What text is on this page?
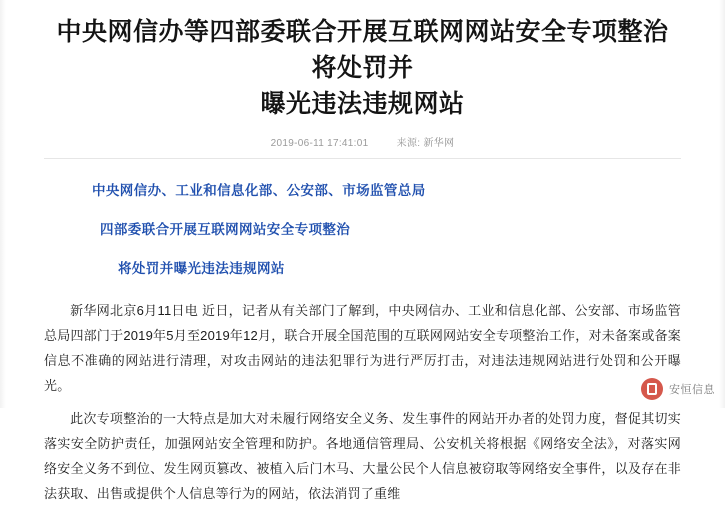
中央网信办等四部委联合开展互联网网站安全专项整治 将处罚并
曝光违法违规网站
2019-06-11 17:41:01	来源: 新华网
中央网信办、工业和信息化部、公安部、市场监管总局
四部委联合开展互联网网站安全专项整治
将处罚并曝光违法违规网站

新华网北京6月11日电 近日，记者从有关部门了解到，中央网信办、工业和信息化部、公安部、市场监管总局四部门于2019年5月至2019年12月，联合开展全国范围的互联网网站安全专项整治工作，对未备案或备案信息不准确的网站进行清理，对攻击网站的违法犯罪行为进行严厉打击，对违法违规网站进行处罚和公开曝光。

此次专项整治的一大特点是加大对未履行网络安全义务、发生事件的网站开办者的处罚力度，督促其切实落实安全防护责任，加强网站安全管理和防护。各地通信管理局、公安机关将根据《网络安全法》，对落实网络安全义务不到位、发生网页篡改、被植入后门木马、大量公民个人信息被窃取等网络安全事件，以及存在非法获取、出售或提供个人信息等行为的网站，依法消罚了重维

安恒信息
